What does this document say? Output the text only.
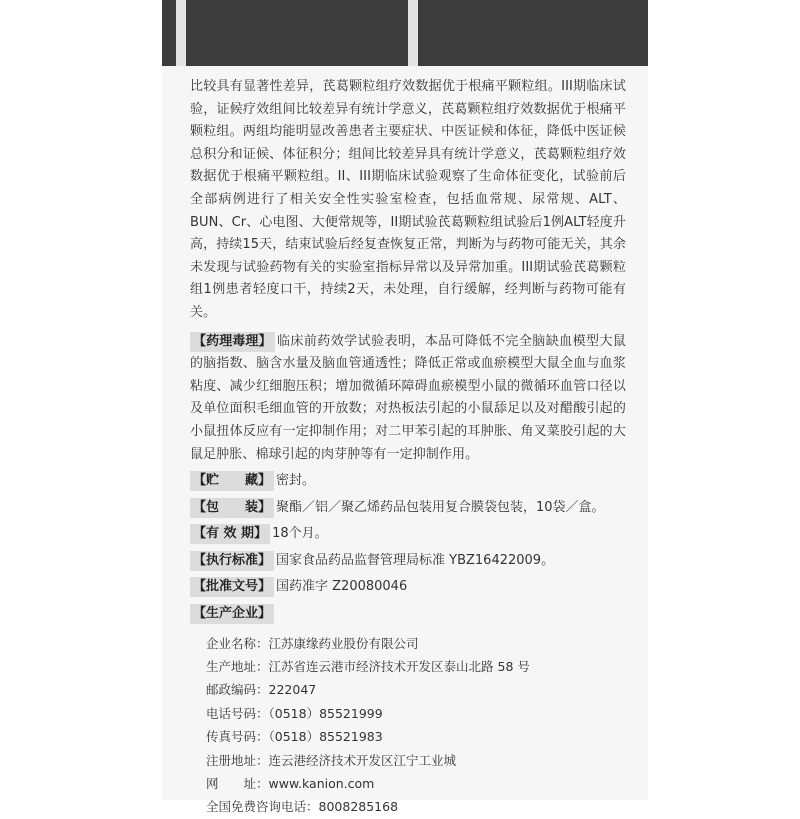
比较具有显著性差异，芪葛颗粒组疗效数据优于根痛平颗粒组。III期临床试验，证候疗效组间比较差异有统计学意义，芪葛颗粒组疗效数据优于根痛平颗粒组。两组均能明显改善患者主要症状、中医证候和体征，降低中医证候总积分和证候、体征积分；组间比较差异具有统计学意义，芪葛颗粒组疗效数据优于根痛平颗粒组。II、III期临床试验观察了生命体征变化，试验前后全部病例进行了相关安全性实验室检查，包括血常规、尿常规、ALT、BUN、Cr、心电图、大便常规等，II期试验芪葛颗粒组试验后1例ALT轻度升高，持续15天，结束试验后经复查恢复正常，判断为与药物可能无关，其余未发现与试验药物有关的实验室指标异常以及异常加重。III期试验芪葛颗粒组1例患者轻度口干，持续2天，未处理，自行缓解，经判断与药物可能有关。

【药理毒理】 临床前药效学试验表明，本品可降低不完全脑缺血模型大鼠的脑指数、脑含水量及脑血管通透性；降低正常或血瘀模型大鼠全血与血浆粘度、减少红细胞压积；增加微循环障碍血瘀模型小鼠的微循环血管口径以及单位面积毛细血管的开放数；对热板法引起的小鼠舔足以及对醋酸引起的小鼠扭体反应有一定抑制作用；对二甲苯引起的耳肿胀、角叉菜胶引起的大鼠足肿胀、棉球引起的肉芽肿等有一定抑制作用。

【贮　　藏】 密封。

【包　　装】 聚酯／铝／聚乙烯药品包装用复合膜袋包装，10袋／盒。

【有 效 期】 18个月。

【执行标准】 国家食品药品监督管理局标准 YBZ16422009。

【批准文号】 国药准字 Z20080046

【生产企业】

企业名称：江苏康缘药业股份有限公司
生产地址：江苏省连云港市经济技术开发区泰山北路 58 号
邮政编码：222047
电话号码：（0518）85521999
传真号码：（0518）85521983
注册地址：连云港经济技术开发区江宁工业城
网　　址：www.kanion.com
全国免费咨询电话：8008285168
